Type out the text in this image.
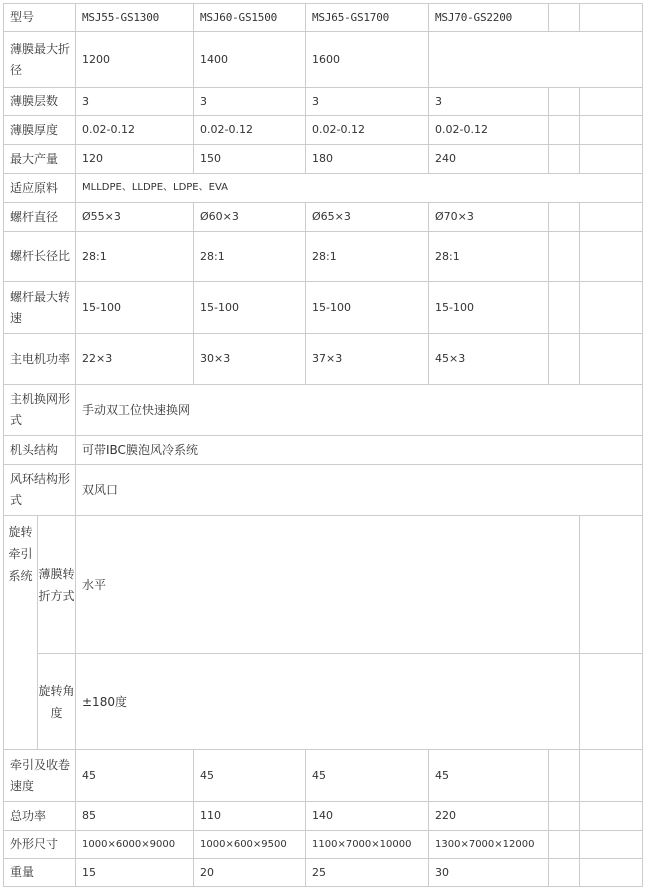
型号		MSJ55-GS1300	MSJ60-GS1500	MSJ65-GS1700	MSJ70-GS2200		
薄膜最大折径		1200	1400	1600			
薄膜层数		3	3	3	3		
薄膜厚度		0.02-0.12	0.02-0.12	0.02-0.12	0.02-0.12		
最大产量		120	150	180	240		
适应原料		MLLDPE、LLDPE、LDPE、EVA					
螺杆直径		Ø55×3	Ø60×3	Ø65×3	Ø70×3		
螺杆长径比		28:1	28:1	28:1	28:1		
螺杆最大转速		15-100	15-100	15-100	15-100		
主电机功率		22×3	30×3	37×3	45×3		
主机换网形式		手动双工位快速换网					
机头结构		可带IBC膜泡风冷系统					
风环结构形式		双风口					
旋转牵引系统	薄膜转折方式	水平					
	旋转角度	±180度					
牵引及收卷速度		45	45	45	45		
总功率		85	110	140	220		
外形尺寸		1000×6000×9000	1000×600×9500	1100×7000×10000	1300×7000×12000		
重量		15	20	25	30		
